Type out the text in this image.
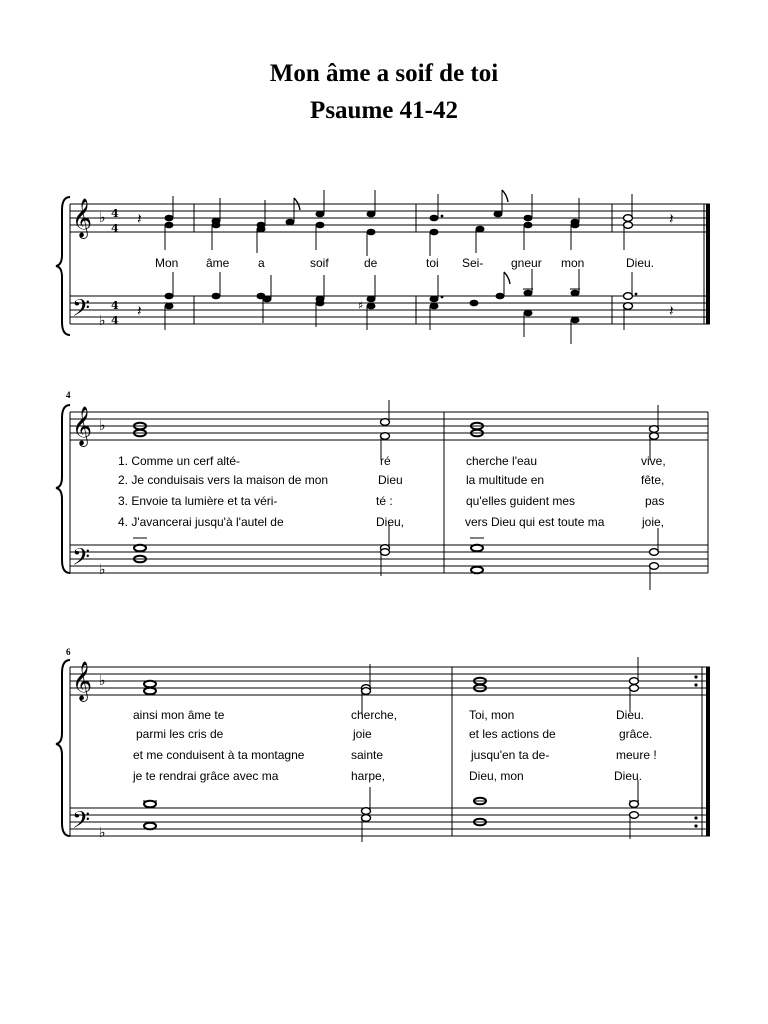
Mon âme a soif de toi
Psaume 41-42
𝄞
𝄢
♭
♭
4
4
4
4
𝄽
𝄽
𝄽
𝄽
♯
Mon âme a	soif	de	toi Sei- gneur mon	Dieu.
4
𝄞
𝄢
♭
♭
1. Comme un cerf alté-	ré	cherche l'eau	vive,
2. Je conduisais vers la maison de mon	Dieu	la multitude en	fête,
3. Envoie ta lumière et ta véri-	té :	qu'elles guident mes	pas
4. J'avancerai jusqu'à l'autel de	Dieu,	vers Dieu qui est toute ma	joie,
6
𝄞
𝄢
♭
♭
ainsi mon âme te	cherche,	Toi, mon	Dieu.
parmi les cris de	joie	et les actions de	grâce.
et me conduisent à ta montagne	sainte	jusqu'en ta de-	meure !
je te rendrai grâce avec ma	harpe,	Dieu, mon	Dieu.
